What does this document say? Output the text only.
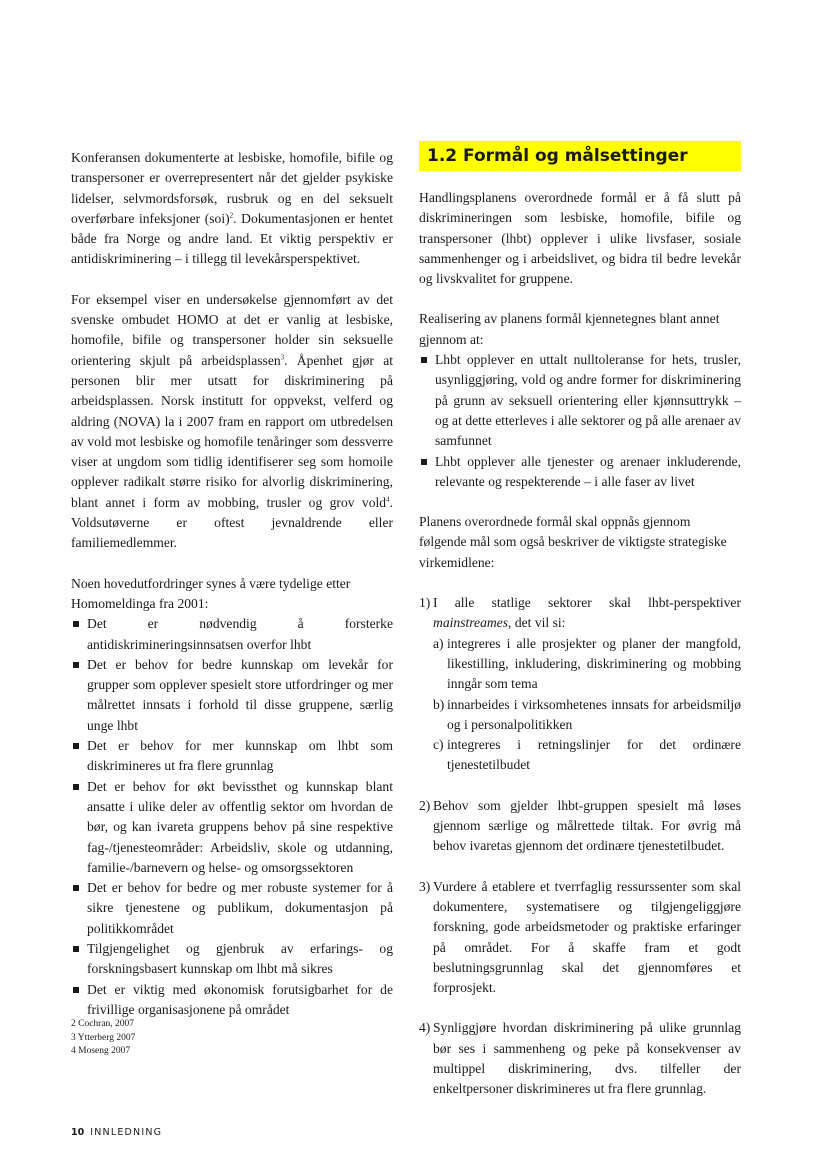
Konferansen dokumenterte at lesbiske, homofile, bifile og transpersoner er overrepresentert når det gjelder psykiske lidelser, selvmordsforsøk, rusbruk og en del seksuelt overførbare infeksjoner (soi)$^2$. Dokumentasjonen er hentet både fra Norge og andre land. Et viktig perspektiv er antidiskriminering – i tillegg til levekårsperspektivet.

For eksempel viser en undersøkelse gjennomført av det svenske ombudet HOMO at det er vanlig at lesbiske, homofile, bifile og transpersoner holder sin seksuelle orientering skjult på arbeidsplassen$^3$. Åpenhet gjør at personen blir mer utsatt for diskriminering på arbeidsplassen. Norsk institutt for oppvekst, velferd og aldring (NOVA) la i 2007 fram en rapport om utbredelsen av vold mot lesbiske og homofile tenåringer som dessverre viser at ungdom som tidlig identifiserer seg som homoile opplever radikalt større risiko for alvorlig diskriminering, blant annet i form av mobbing, trusler og grov vold$^4$. Voldsutøverne er oftest jevnaldrende eller familiemedlemmer.

Noen hovedutfordringer synes å være tydelige etter Homomeldinga fra 2001:

Det er nødvendig å forsterke antidiskrimineringsinnsatsen overfor lhbt
Det er behov for bedre kunnskap om levekår for grupper som opplever spesielt store utfordringer og mer målrettet innsats i forhold til disse gruppene, særlig unge lhbt
Det er behov for mer kunnskap om lhbt som diskrimineres ut fra flere grunnlag
Det er behov for økt bevissthet og kunnskap blant ansatte i ulike deler av offentlig sektor om hvordan de bør, og kan ivareta gruppens behov på sine respektive fag-/tjenesteområder: Arbeidsliv, skole og utdanning, familie-/barnevern og helse- og omsorgssektoren
Det er behov for bedre og mer robuste systemer for å sikre tjenestene og publikum, dokumentasjon på politikkområdet
Tilgjengelighet og gjenbruk av erfarings- og forskningsbasert kunnskap om lhbt må sikres
Det er viktig med økonomisk forutsigbarhet for de frivillige organisasjonene på området
2 Cochran, 2007
3 Ytterberg 2007
4 Moseng 2007
1.2 Formål og målsettinger

Handlingsplanens overordnede formål er å få slutt på diskrimineringen som lesbiske, homofile, bifile og transpersoner (lhbt) opplever i ulike livsfaser, sosiale sammenhenger og i arbeidslivet, og bidra til bedre levekår og livskvalitet for gruppene.

Realisering av planens formål kjennetegnes blant annet gjennom at:

Lhbt opplever en uttalt nulltoleranse for hets, trusler, usynliggjøring, vold og andre former for diskriminering på grunn av seksuell orientering eller kjønnsuttrykk – og at dette etterleves i alle sektorer og på alle arenaer av samfunnet
Lhbt opplever alle tjenester og arenaer inkluderende, relevante og respekterende – i alle faser av livet

Planens overordnede formål skal oppnås gjennom følgende mål som også beskriver de viktigste strategiske virkemidlene:

1) I alle statlige sektorer skal lhbt-perspektiver mainstreames, det vil si:
a) integreres i alle prosjekter og planer der mangfold, likestilling, inkludering, diskriminering og mobbing inngår som tema
b) innarbeides i virksomhetenes innsats for arbeidsmiljø og i personalpolitikken
c) integreres i retningslinjer for det ordinære tjenestetilbudet
2) Behov som gjelder lhbt-gruppen spesielt må løses gjennom særlige og målrettede tiltak. For øvrig må behov ivaretas gjennom det ordinære tjenestetilbudet.
3) Vurdere å etablere et tverrfaglig ressurssenter som skal dokumentere, systematisere og tilgjengeliggjøre forskning, gode arbeidsmetoder og praktiske erfaringer på området. For å skaffe fram et godt beslutningsgrunnlag skal det gjennomføres et forprosjekt.
4) Synliggjøre hvordan diskriminering på ulike grunnlag bør ses i sammenheng og peke på konsekvenser av multippel diskriminering, dvs. tilfeller der enkeltpersoner diskrimineres ut fra flere grunnlag.
10 INNLEDNING
